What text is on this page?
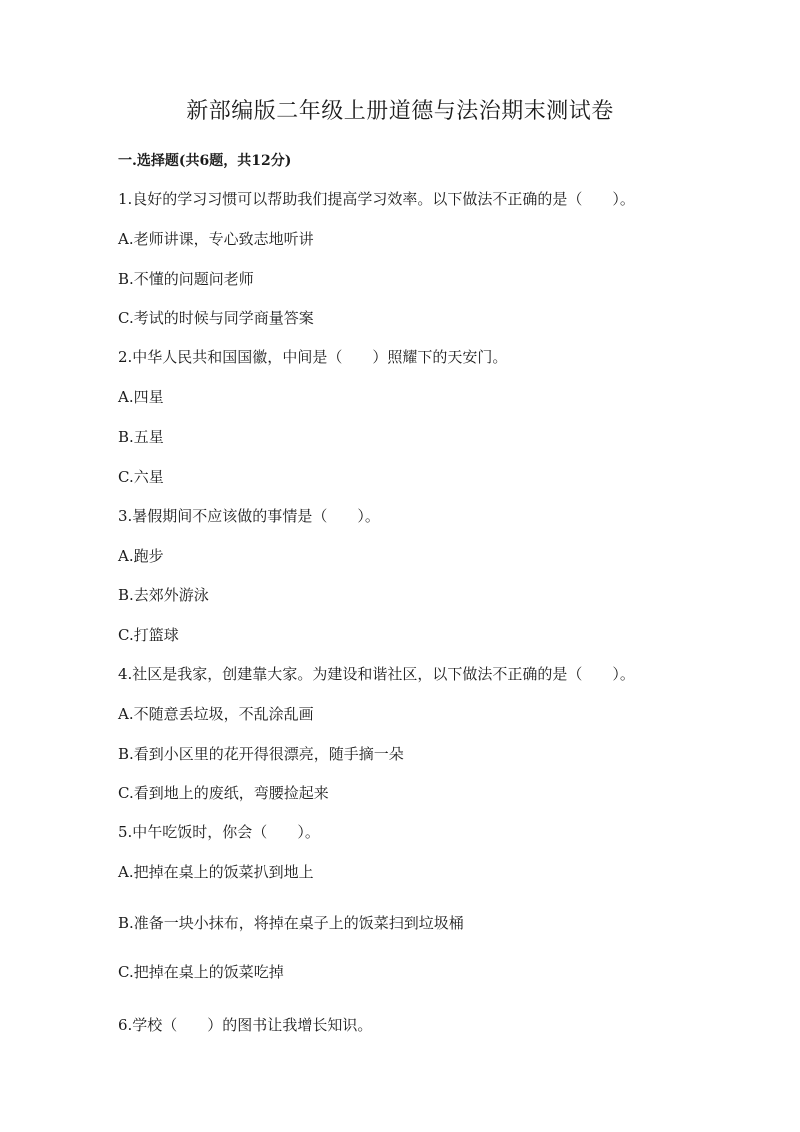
新部编版二年级上册道德与法治期末测试卷

一.选择题(共6题，共12分)

1.良好的学习习惯可以帮助我们提高学习效率。以下做法不正确的是（　　）。

A.老师讲课，专心致志地听讲

B.不懂的问题问老师

C.考试的时候与同学商量答案

2.中华人民共和国国徽，中间是（　　）照耀下的天安门。

A.四星

B.五星

C.六星

3.暑假期间不应该做的事情是（　　）。

A.跑步

B.去郊外游泳

C.打篮球

4.社区是我家，创建靠大家。为建设和谐社区，以下做法不正确的是（　　）。

A.不随意丢垃圾，不乱涂乱画

B.看到小区里的花开得很漂亮，随手摘一朵

C.看到地上的废纸，弯腰捡起来

5.中午吃饭时，你会（　　）。

A.把掉在桌上的饭菜扒到地上

B.准备一块小抹布，将掉在桌子上的饭菜扫到垃圾桶

C.把掉在桌上的饭菜吃掉

6.学校（　　）的图书让我增长知识。
